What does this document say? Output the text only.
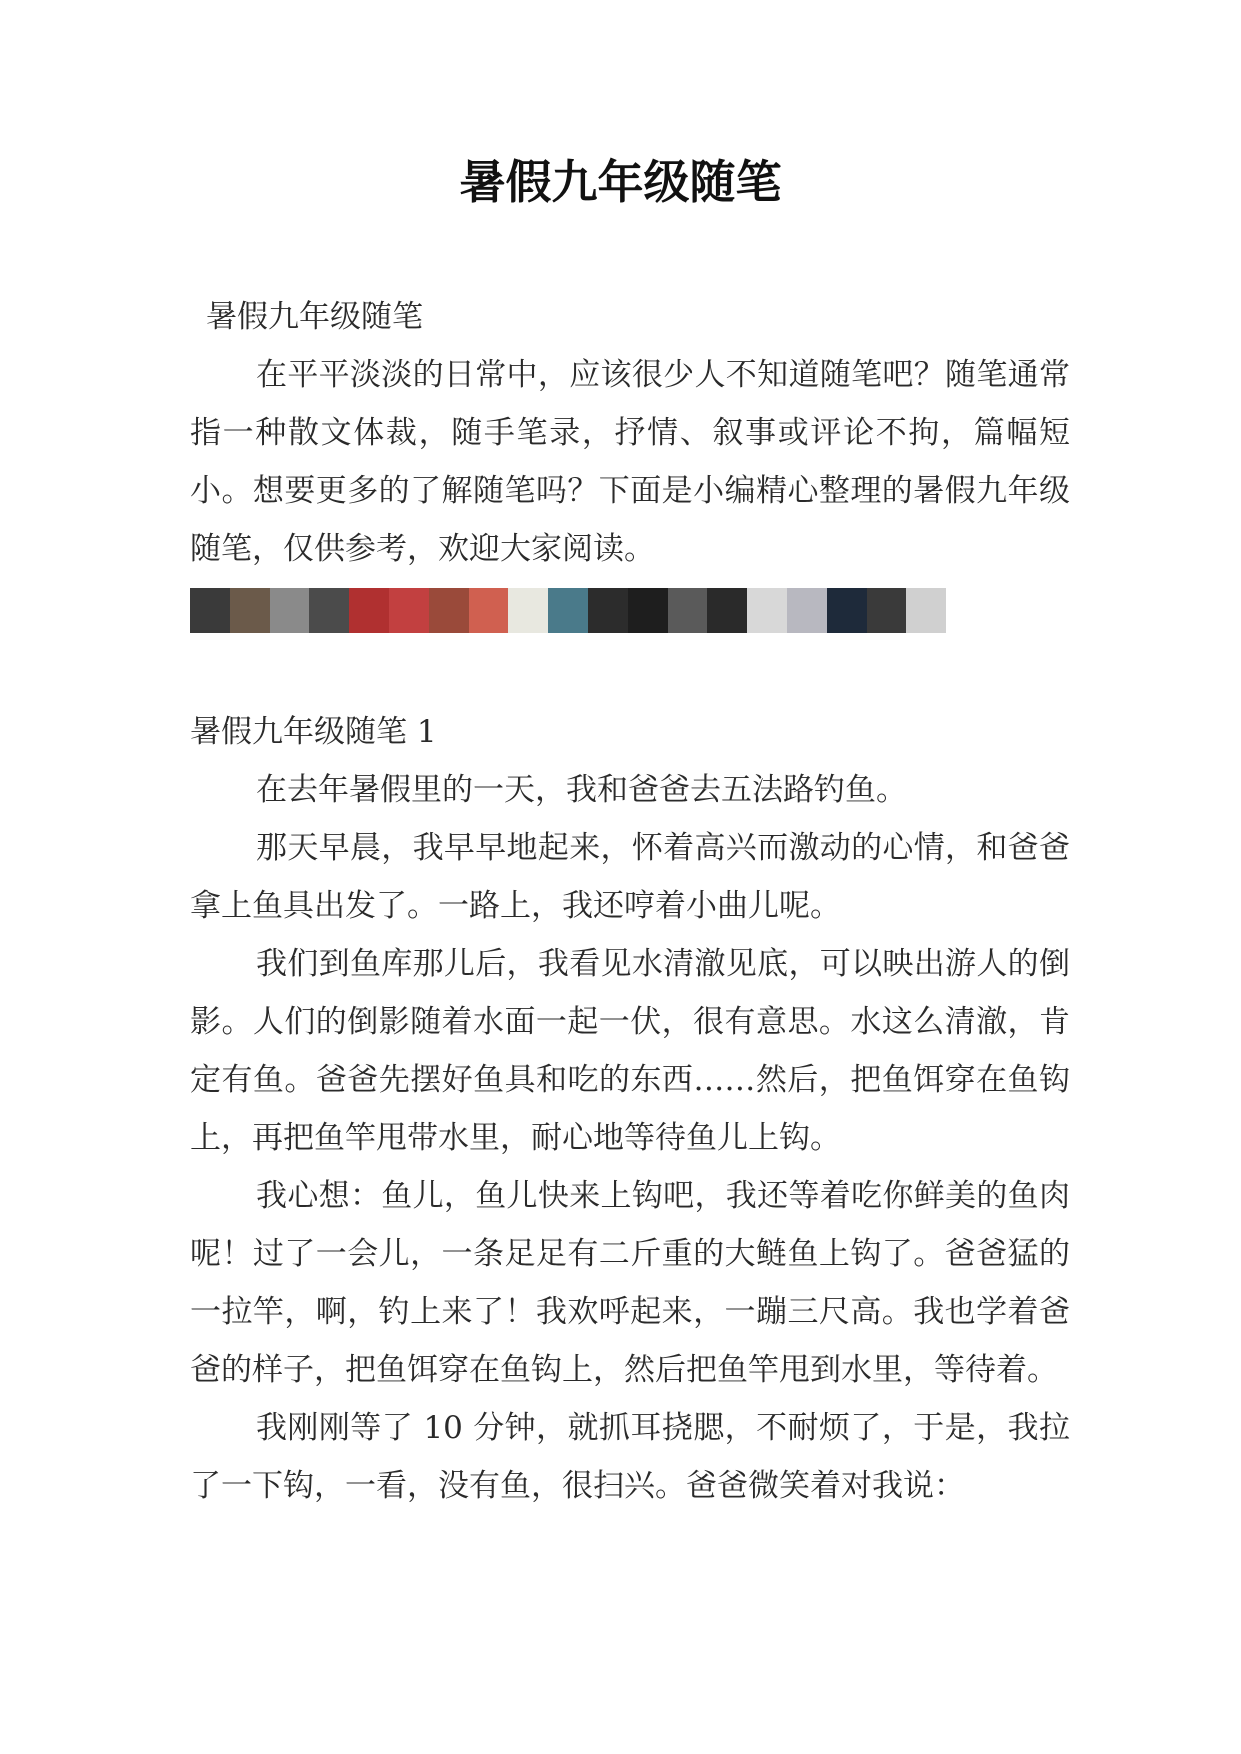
暑假九年级随笔

暑假九年级随笔

在平平淡淡的日常中，应该很少人不知道随笔吧？随笔通常指一种散文体裁，随手笔录，抒情、叙事或评论不拘，篇幅短小。想要更多的了解随笔吗？下面是小编精心整理的暑假九年级随笔，仅供参考，欢迎大家阅读。

暑假九年级随笔 1

在去年暑假里的一天，我和爸爸去五法路钓鱼。

那天早晨，我早早地起来，怀着高兴而激动的心情，和爸爸拿上鱼具出发了。一路上，我还哼着小曲儿呢。

我们到鱼库那儿后，我看见水清澈见底，可以映出游人的倒影。人们的倒影随着水面一起一伏，很有意思。水这么清澈，肯定有鱼。爸爸先摆好鱼具和吃的东西……然后，把鱼饵穿在鱼钩上，再把鱼竿甩带水里，耐心地等待鱼儿上钩。

我心想：鱼儿，鱼儿快来上钩吧，我还等着吃你鲜美的鱼肉呢！过了一会儿，一条足足有二斤重的大鲢鱼上钩了。爸爸猛的一拉竿，啊，钓上来了！我欢呼起来，一蹦三尺高。我也学着爸爸的样子，把鱼饵穿在鱼钩上，然后把鱼竿甩到水里，等待着。

我刚刚等了 10 分钟，就抓耳挠腮，不耐烦了，于是，我拉了一下钩，一看，没有鱼，很扫兴。爸爸微笑着对我说：
